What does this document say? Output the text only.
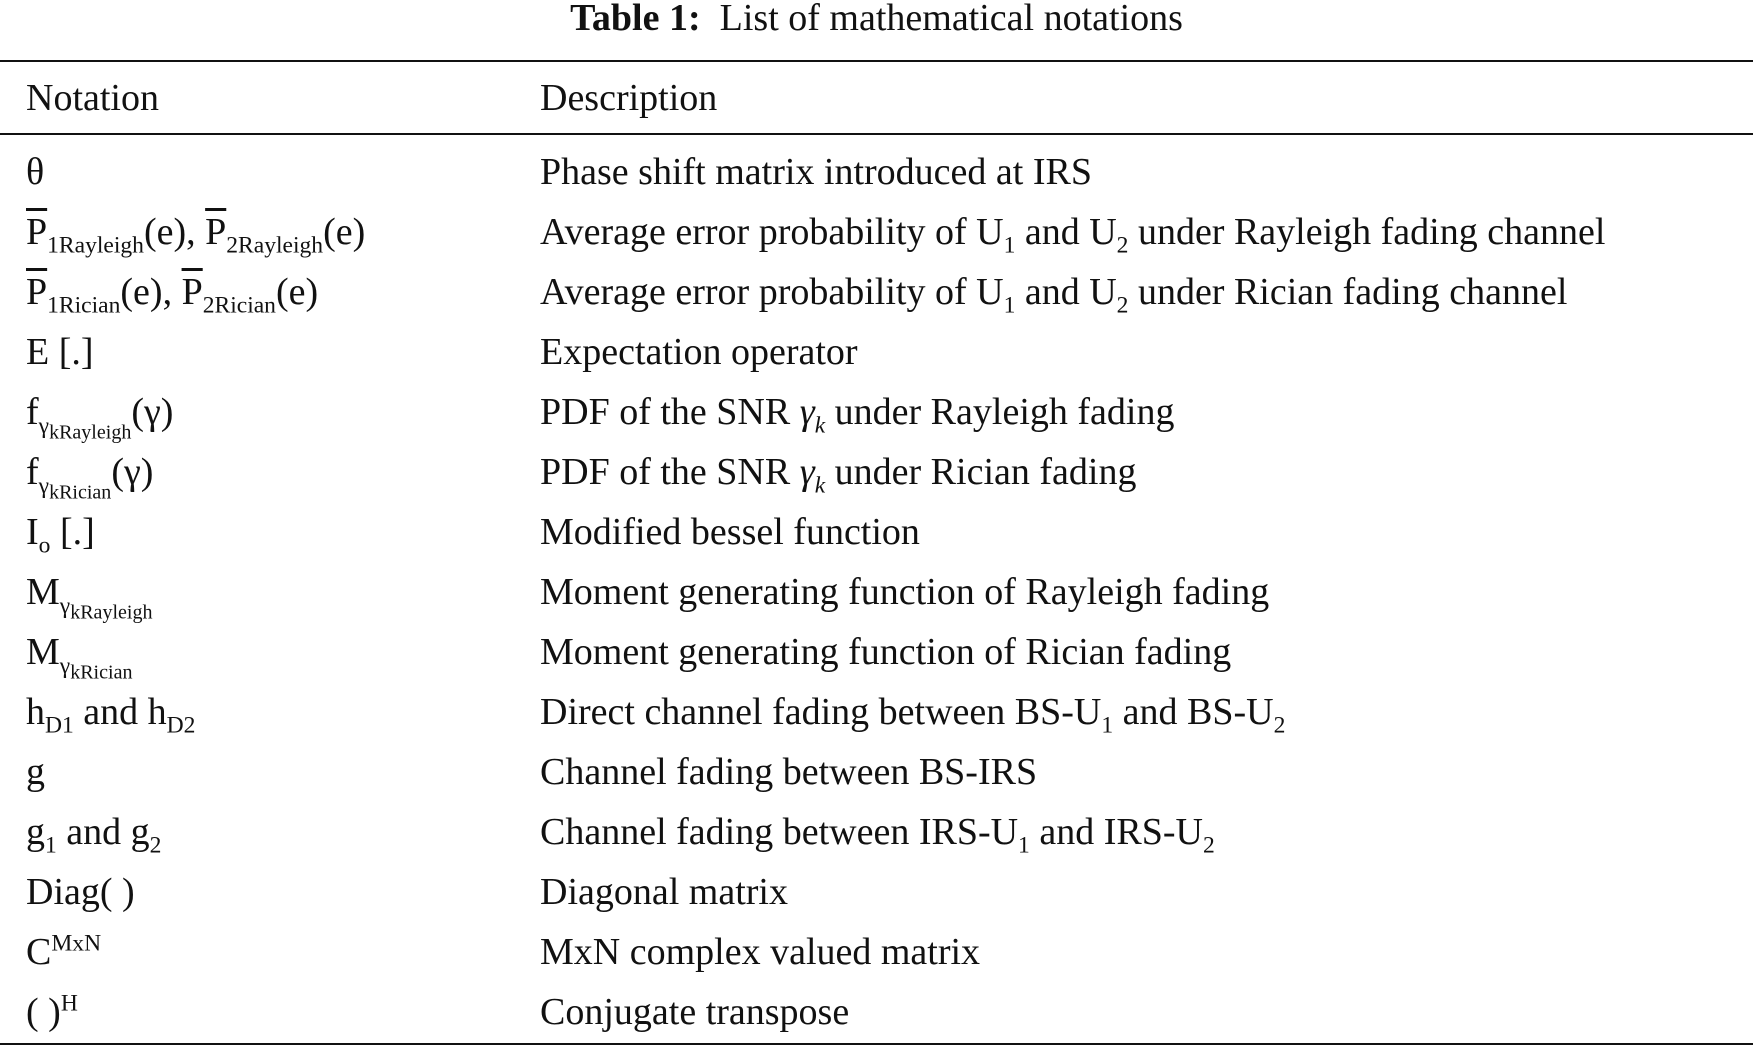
Table 1: List of mathematical notations
Notation	Description
θ	Phase shift matrix introduced at IRS
$\overline{P}_{1Rayleigh}(e)$, $\overline{P}_{2Rayleigh}(e)$	Average error probability of $U_1$ and $U_2$ under Rayleigh fading channel
$\overline{P}_{1Rician}(e)$, $\overline{P}_{2Rician}(e)$	Average error probability of $U_1$ and $U_2$ under Rician fading channel
E [.]	Expectation operator
$f_{\gamma_{kRayleigh}}(\gamma)$	PDF of the SNR $\gamma_k$ under Rayleigh fading
$f_{\gamma_{kRician}}(\gamma)$	PDF of the SNR $\gamma_k$ under Rician fading
$I_o$ [.]	Modified bessel function
$M_{\gamma_{kRayleigh}}$	Moment generating function of Rayleigh fading
$M_{\gamma_{kRician}}$	Moment generating function of Rician fading
$h_{D1}$ and $h_{D2}$	Direct channel fading between $BS-U_1$ and $BS-U_2$
g	Channel fading between BS-IRS
$g_1$ and $g_2$	Channel fading between IRS-$U_1$ and IRS-$U_2$
Diag( )	Diagonal matrix
$C^{MxN}$	MxN complex valued matrix
( )$^H$	Conjugate transpose
